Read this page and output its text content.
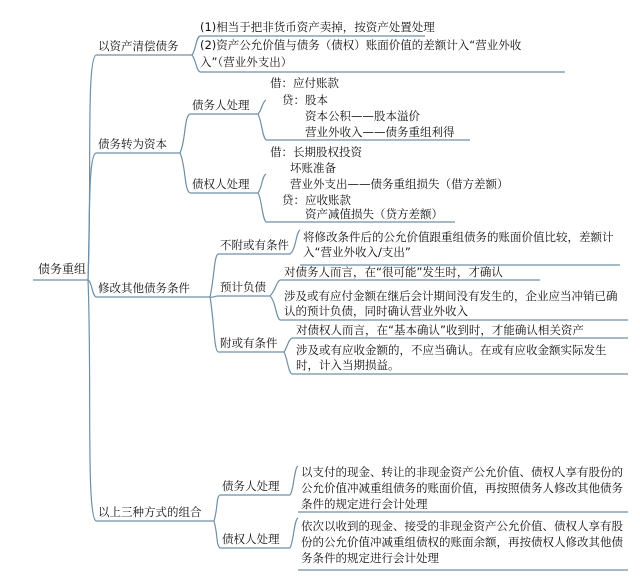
债务重组
以资产清偿债务
(1)相当于把非货币资产卖掉，按资产处置处理
(2)资产公允价值与债务（债权）账面价值的差额计入“营业外收
入”（营业外支出）
债务转为资本
债务人处理
借：应付账款
贷：股本
资本公积——股本溢价
营业外收入——债务重组利得
债权人处理
借：长期股权投资
坏账准备
营业外支出——债务重组损失（借方差额）
贷：应收账款
资产减值损失（贷方差额）
修改其他债务条件
不附或有条件
将修改条件后的公允价值跟重组债务的账面价值比较，差额计入“营业外收入/支出”
预计负债
对债务人而言，在“很可能”发生时，才确认
涉及或有应付金额在继后会计期间没有发生的，企业应当冲销已确认的预计负债，同时确认营业外收入
附或有条件
对债权人而言，在“基本确认”收到时，才能确认相关资产
涉及或有应收金额的，不应当确认。在或有应收金额实际发生时，计入当期损益。
以上三种方式的组合
债务人处理
以支付的现金、转让的非现金资产公允价值、债权人享有股份的公允价值冲减重组债务的账面价值，再按照债务人修改其他债务条件的规定进行会计处理
债权人处理
依次以收到的现金、接受的非现金资产公允价值、债权人享有股份的公允价值冲减重组债权的账面余额，再按债权人修改其他债务条件的规定进行会计处理
